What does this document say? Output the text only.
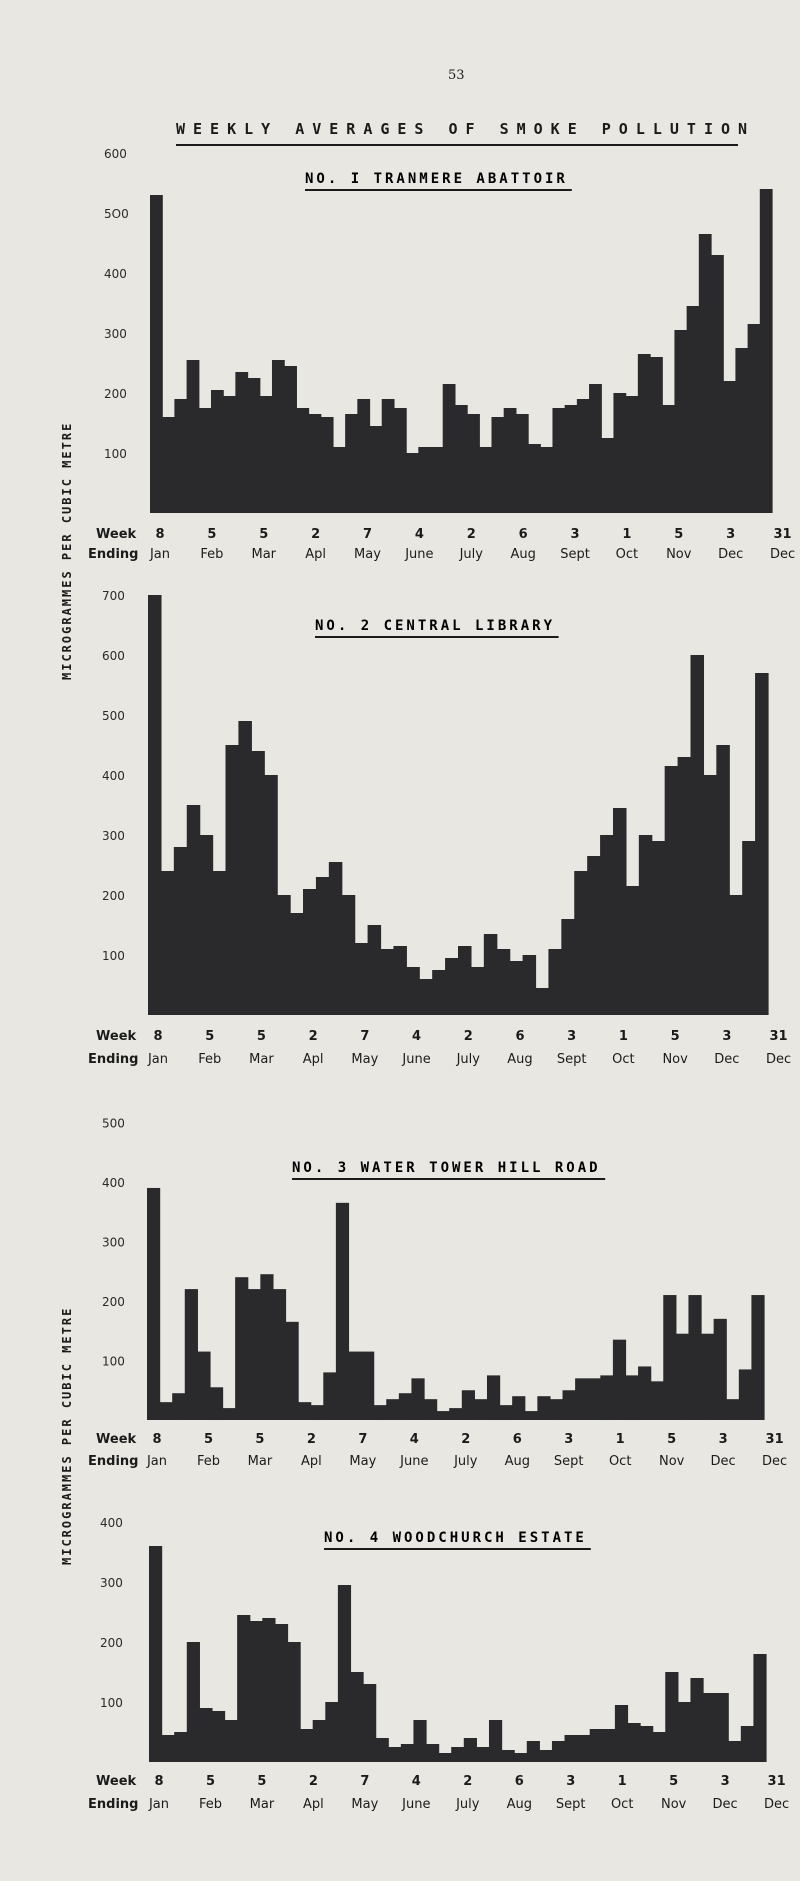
53
WEEKLY AVERAGES OF SMOKE POLLUTION
MICROGRAMMES PER CUBIC METRE
MICROGRAMMES PER CUBIC METRE
NO. I TRANMERE ABATTOIR
600
5O0
400
300
200
100
Week
Ending
8
Jan
5
Feb
5
Mar
2
Apl
7
May
4
June
2
July
6
Aug
3
Sept
1
Oct
5
Nov
3
Dec
31
Dec
NO. 2 CENTRAL LIBRARY
700
600
500
400
300
200
100
Week
Ending
8
Jan
5
Feb
5
Mar
2
Apl
7
May
4
June
2
July
6
Aug
3
Sept
1
Oct
5
Nov
3
Dec
31
Dec
NO. 3 WATER TOWER HILL ROAD
500
400
300
200
100
Week
Ending
8
Jan
5
Feb
5
Mar
2
Apl
7
May
4
June
2
July
6
Aug
3
Sept
1
Oct
5
Nov
3
Dec
31
Dec
NO. 4 WOODCHURCH ESTATE
400
300
200
100
Week
Ending
8
Jan
5
Feb
5
Mar
2
Apl
7
May
4
June
2
July
6
Aug
3
Sept
1
Oct
5
Nov
3
Dec
31
Dec
